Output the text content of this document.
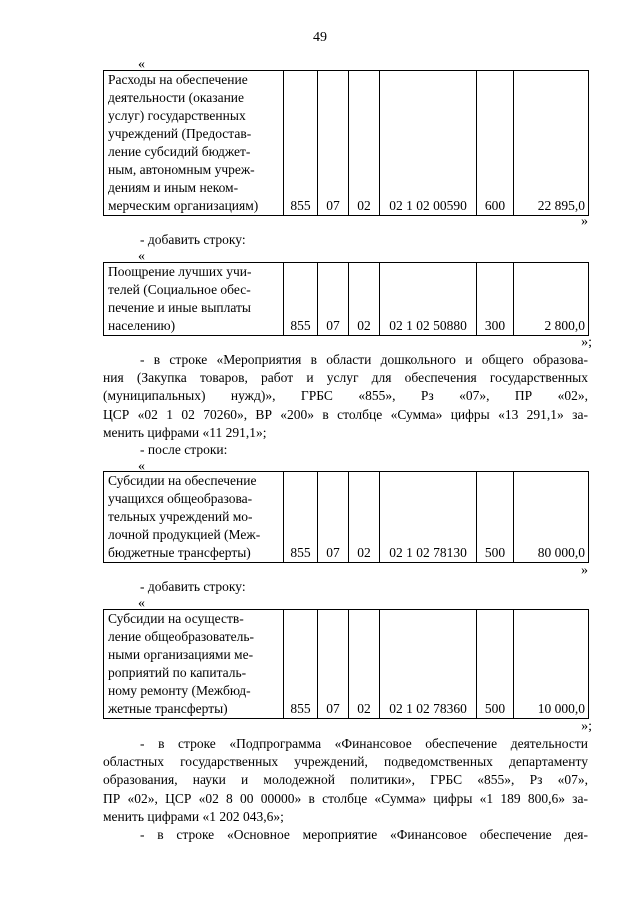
49
«
Расходы на обеспечение
деятельности (оказание
услуг) государственных
учреждений (Предостав-
ление субсидий бюджет-
ным, автономным учреж-
дениям и иным неком-
мерческим организациям)	855	07	02	02 1 02 00590	600	22 895,0
»
- добавить строку:
«
Поощрение лучших учи-
телей (Социальное обес-
печение и иные выплаты
населению)	855	07	02	02 1 02 50880	300	2 800,0
»;
- в строке «Мероприятия в области дошкольного и общего образова-
ния (Закупка товаров, работ и услуг для обеспечения государственных
(муниципальных) нужд)», ГРБС «855», Рз «07», ПР «02»,
ЦСР «02 1 02 70260», ВР «200» в столбце «Сумма» цифры «13 291,1» за-
менить цифрами «11 291,1»;
- после строки:
«
Субсидии на обеспечение
учащихся общеобразова-
тельных учреждений мо-
лочной продукцией (Меж-
бюджетные трансферты)	855	07	02	02 1 02 78130	500	80 000,0
»
- добавить строку:
«
Субсидии на осуществ-
ление общеобразователь-
ными организациями ме-
роприятий по капиталь-
ному ремонту (Межбюд-
жетные трансферты)	855	07	02	02 1 02 78360	500	10 000,0
»;
- в строке «Подпрограмма «Финансовое обеспечение деятельности
областных государственных учреждений, подведомственных департаменту
образования, науки и молодежной политики», ГРБС «855», Рз «07»,
ПР «02», ЦСР «02 8 00 00000» в столбце «Сумма» цифры «1 189 800,6» за-
менить цифрами «1 202 043,6»;
- в строке «Основное мероприятие «Финансовое обеспечение дея-
